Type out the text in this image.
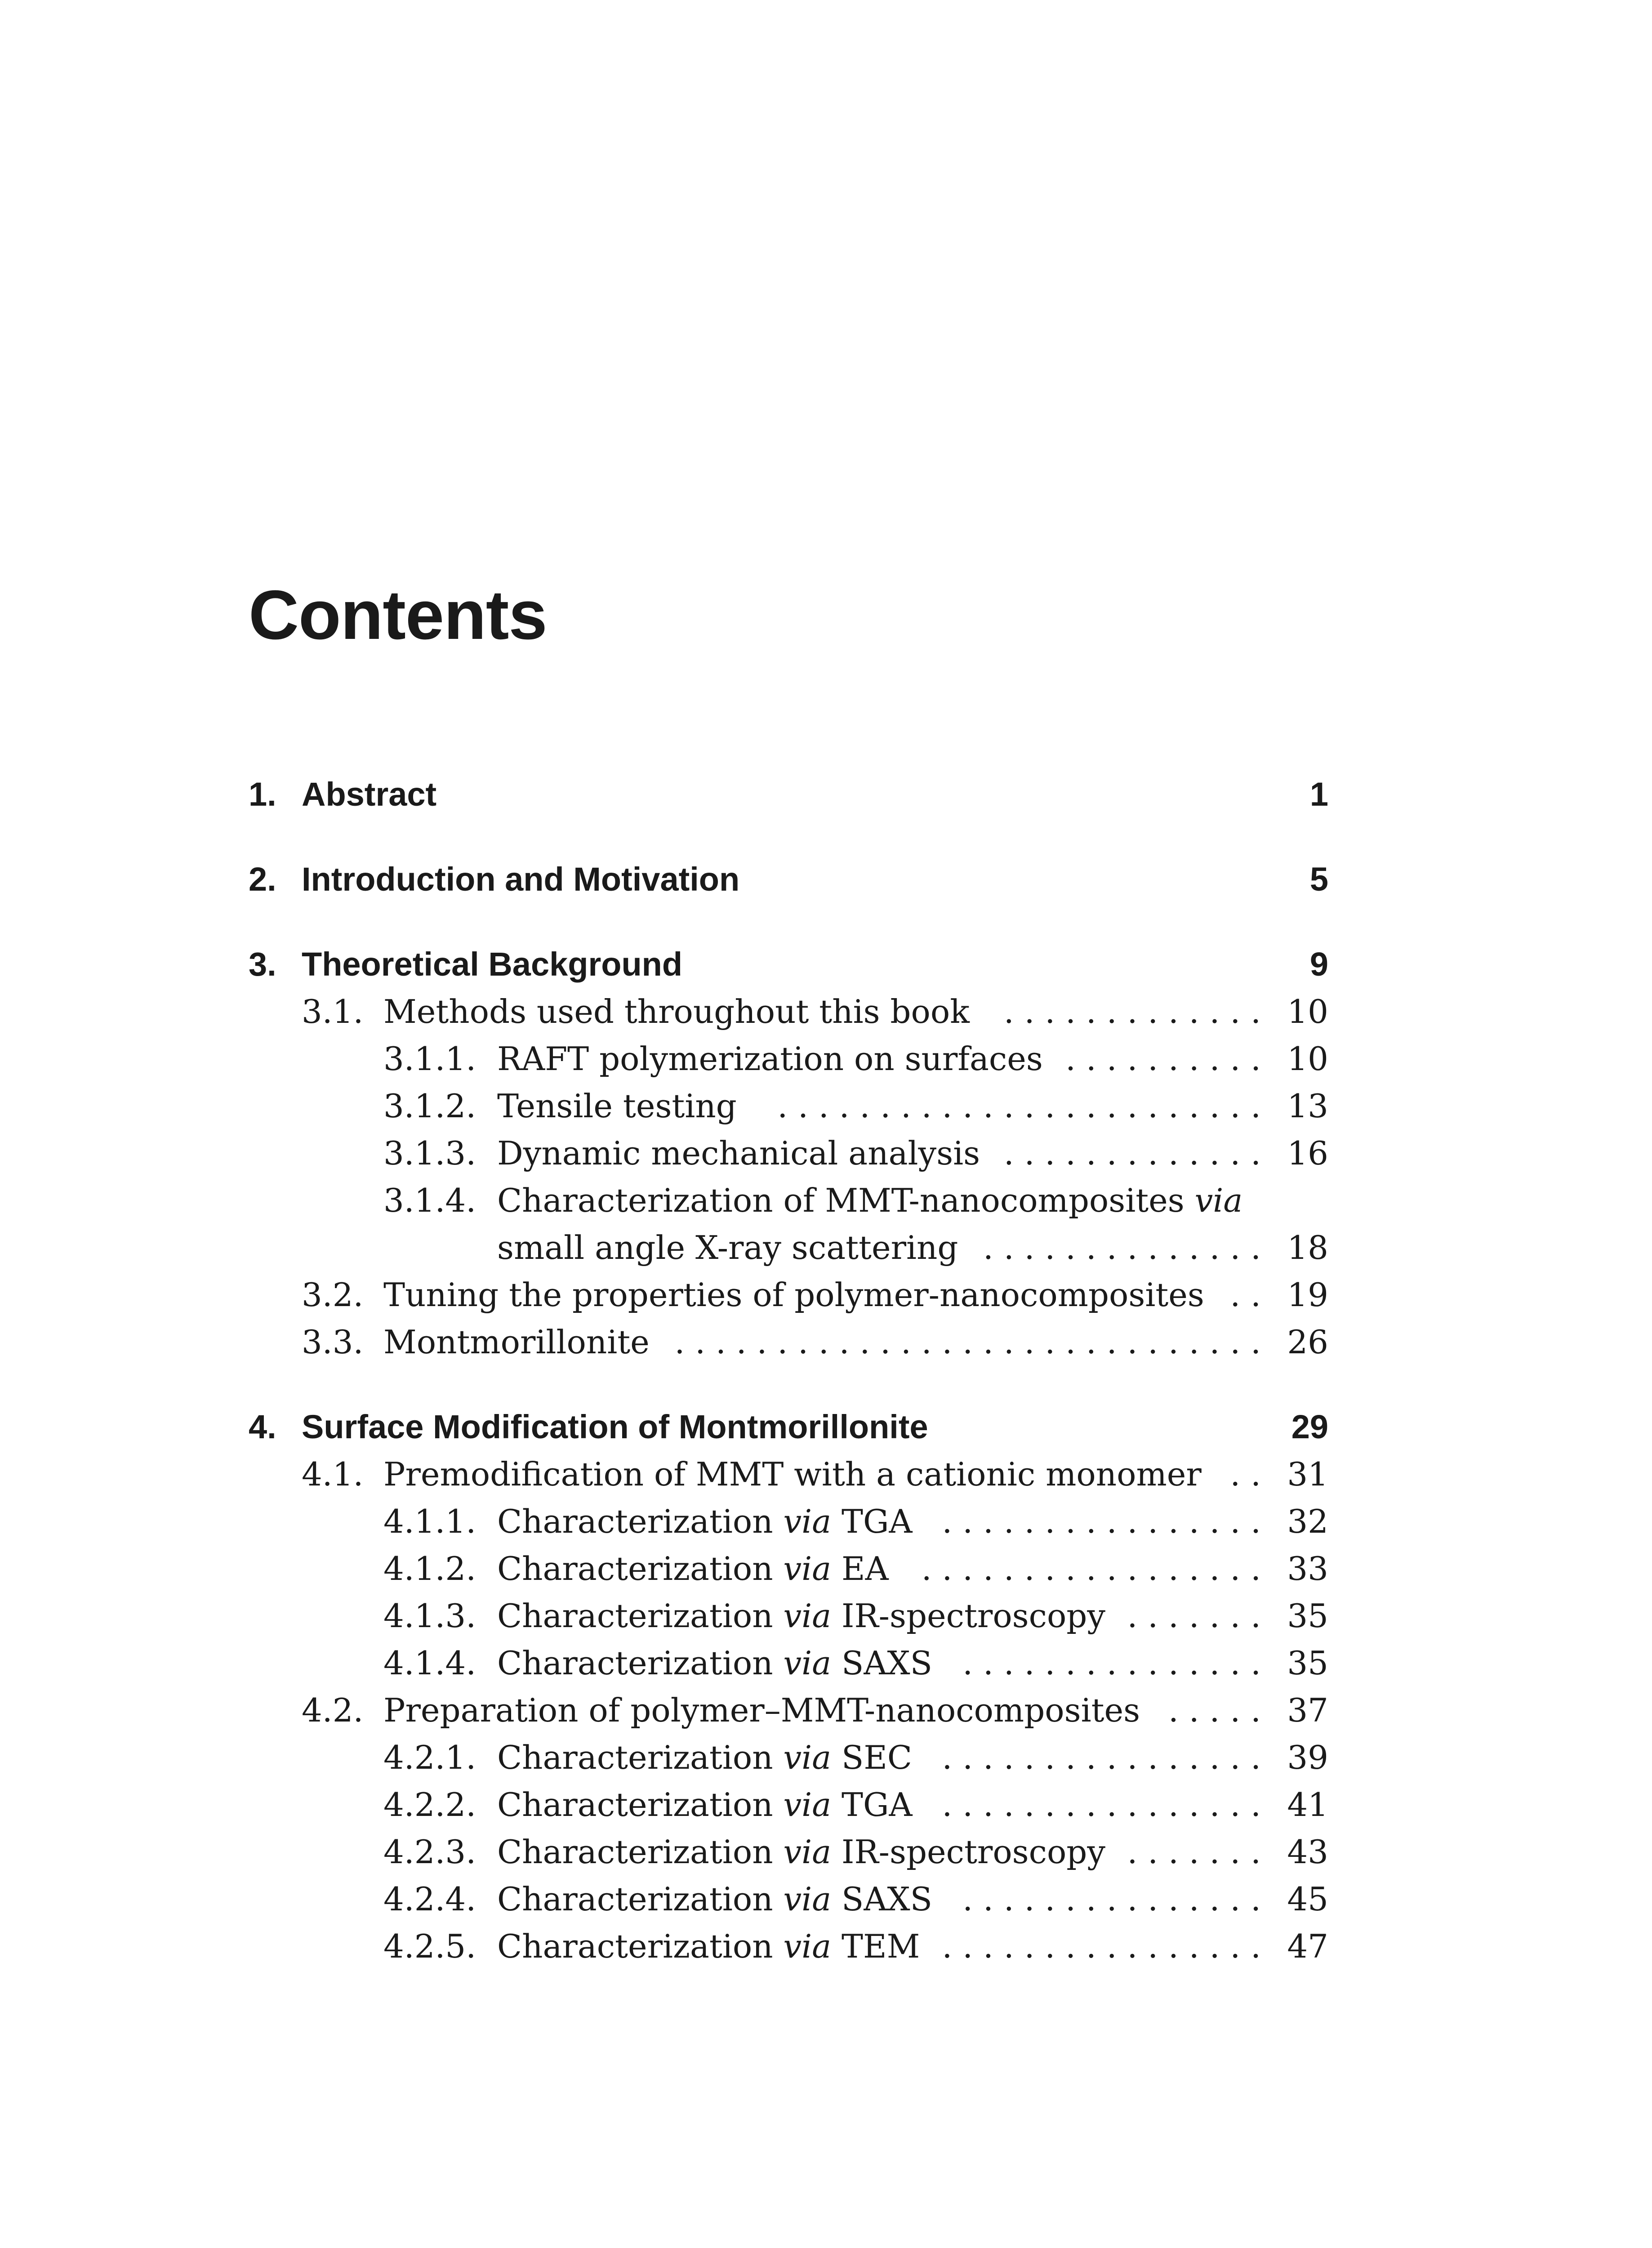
Contents
1. Abstract	1
2. Introduction and Motivation	5
3. Theoretical Background	9
3.1. Methods used throughout this book . . . . . . . . . . . . . 10
3.1.1. RAFT polymerization on surfaces . . . . . . . . . . 10
3.1.2. Tensile testing . . . . . . . . . . . . . . . . . . . . . . . . 13
3.1.3. Dynamic mechanical analysis . . . . . . . . . . . . . 16
3.1.4. Characterization of MMT-nanocomposites via
small angle X-ray scattering . . . . . . . . . . . . . . 18
3.2. Tuning the properties of polymer-nanocomposites . . 19
3.3. Montmorillonite . . . . . . . . . . . . . . . . . . . . . . . . . . . . . 26
4. Surface Modification of Montmorillonite	29
4.1. Premodification of MMT with a cationic monomer . . 31
4.1.1. Characterization via TGA . . . . . . . . . . . . . . . . 32
4.1.2. Characterization via EA . . . . . . . . . . . . . . . . . 33
4.1.3. Characterization via IR-spectroscopy . . . . . . . 35
4.1.4. Characterization via SAXS . . . . . . . . . . . . . . . 35
4.2. Preparation of polymer–MMT-nanocomposites . . . . . 37
4.2.1. Characterization via SEC . . . . . . . . . . . . . . . . 39
4.2.2. Characterization via TGA . . . . . . . . . . . . . . . . 41
4.2.3. Characterization via IR-spectroscopy . . . . . . . 43
4.2.4. Characterization via SAXS . . . . . . . . . . . . . . . 45
4.2.5. Characterization via TEM . . . . . . . . . . . . . . . . 47
